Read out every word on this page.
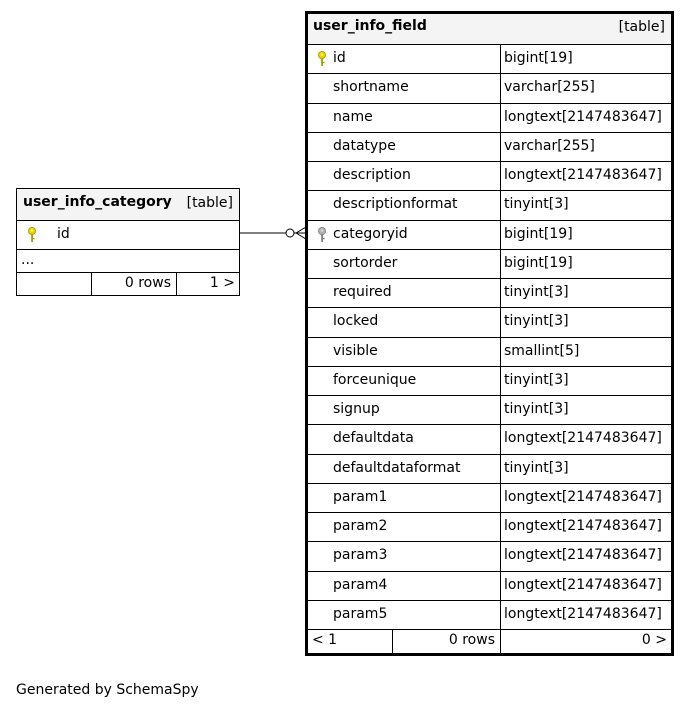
user_info_category [table]
id
...
0 rows	1 >
user_info_field	[table]
id	bigint[19]
shortname	varchar[255]
name	longtext[2147483647]
datatype	varchar[255]
description	longtext[2147483647]
descriptionformat	tinyint[3]
categoryid	bigint[19]
sortorder	bigint[19]
required	tinyint[3]
locked	tinyint[3]
visible	smallint[5]
forceunique	tinyint[3]
signup	tinyint[3]
defaultdata	longtext[2147483647]
defaultdataformat	tinyint[3]
param1	longtext[2147483647]
param2	longtext[2147483647]
param3	longtext[2147483647]
param4	longtext[2147483647]
param5	longtext[2147483647]
< 1	0 rows	0 >
Generated by SchemaSpy
